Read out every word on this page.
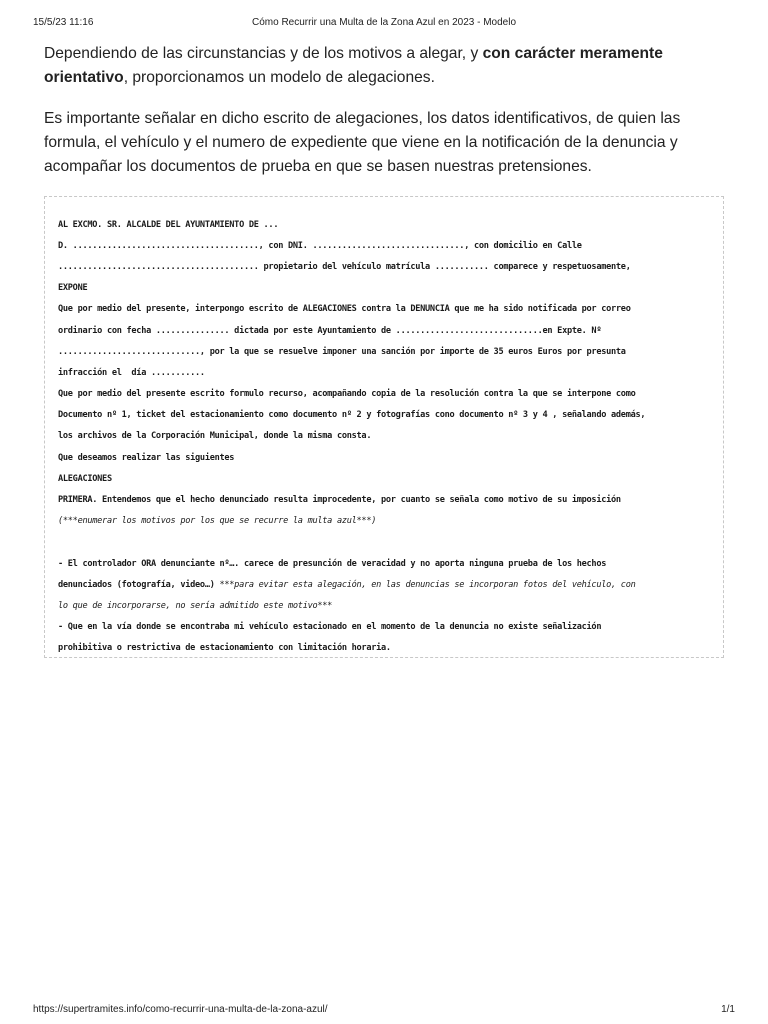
15/5/23 11:16	Cómo Recurrir una Multa de la Zona Azul en 2023 - Modelo

Dependiendo de las circunstancias y de los motivos a alegar, y con carácter meramente orientativo, proporcionamos un modelo de alegaciones.

Es importante señalar en dicho escrito de alegaciones, los datos identificativos, de quien las formula, el vehículo y el numero de expediente que viene en la notificación de la denuncia y acompañar los documentos de prueba en que se basen nuestras pretensiones.

AL EXCMO. SR. ALCALDE DEL AYUNTAMIENTO DE ...

D. ......................................, con DNI. ..............................., con domicilio en Calle

......................................... propietario del vehículo matrícula ........... comparece y respetuosamente,

EXPONE

Que por medio del presente, interpongo escrito de ALEGACIONES contra la DENUNCIA que me ha sido notificada por correo

ordinario con fecha ............... dictada por este Ayuntamiento de ..............................en Expte. Nº

............................., por la que se resuelve imponer una sanción por importe de 35 euros Euros por presunta

infracción el  día ...........

Que por medio del presente escrito formulo recurso, acompañando copia de la resolución contra la que se interpone como

Documento nº 1, ticket del estacionamiento como documento nº 2 y fotografías cono documento nº 3 y 4 , señalando además,

los archivos de la Corporación Municipal, donde la misma consta.

Que deseamos realizar las siguientes

ALEGACIONES

PRIMERA. Entendemos que el hecho denunciado resulta improcedente, por cuanto se señala como motivo de su imposición

(***enumerar los motivos por los que se recurre la multa azul***)

- El controlador ORA denunciante nº…. carece de presunción de veracidad y no aporta ninguna prueba de los hechos

denunciados (fotografía, video…) ***para evitar esta alegación, en las denuncias se incorporan fotos del vehículo, con

lo que de incorporarse, no sería admitido este motivo***

- Que en la vía donde se encontraba mi vehículo estacionado en el momento de la denuncia no existe señalización

prohibitiva o restrictiva de estacionamiento con limitación horaria.

https://supertramites.info/como-recurrir-una-multa-de-la-zona-azul/	1/1
